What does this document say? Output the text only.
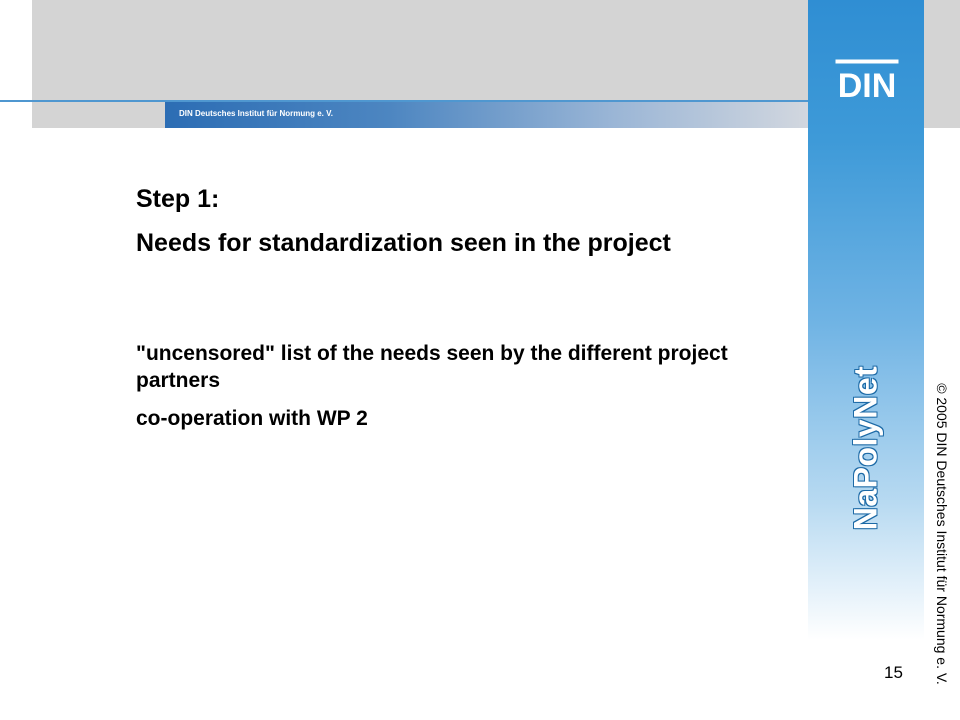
DIN Deutsches Institut für Normung e. V.
DIN
NaPolyNet	© 2005 DIN Deutsches Institut für Normung e. V.
15

Step 1:

Needs for standardization seen in the project

"uncensored" list of the needs seen by the different project partners

co-operation with WP 2
